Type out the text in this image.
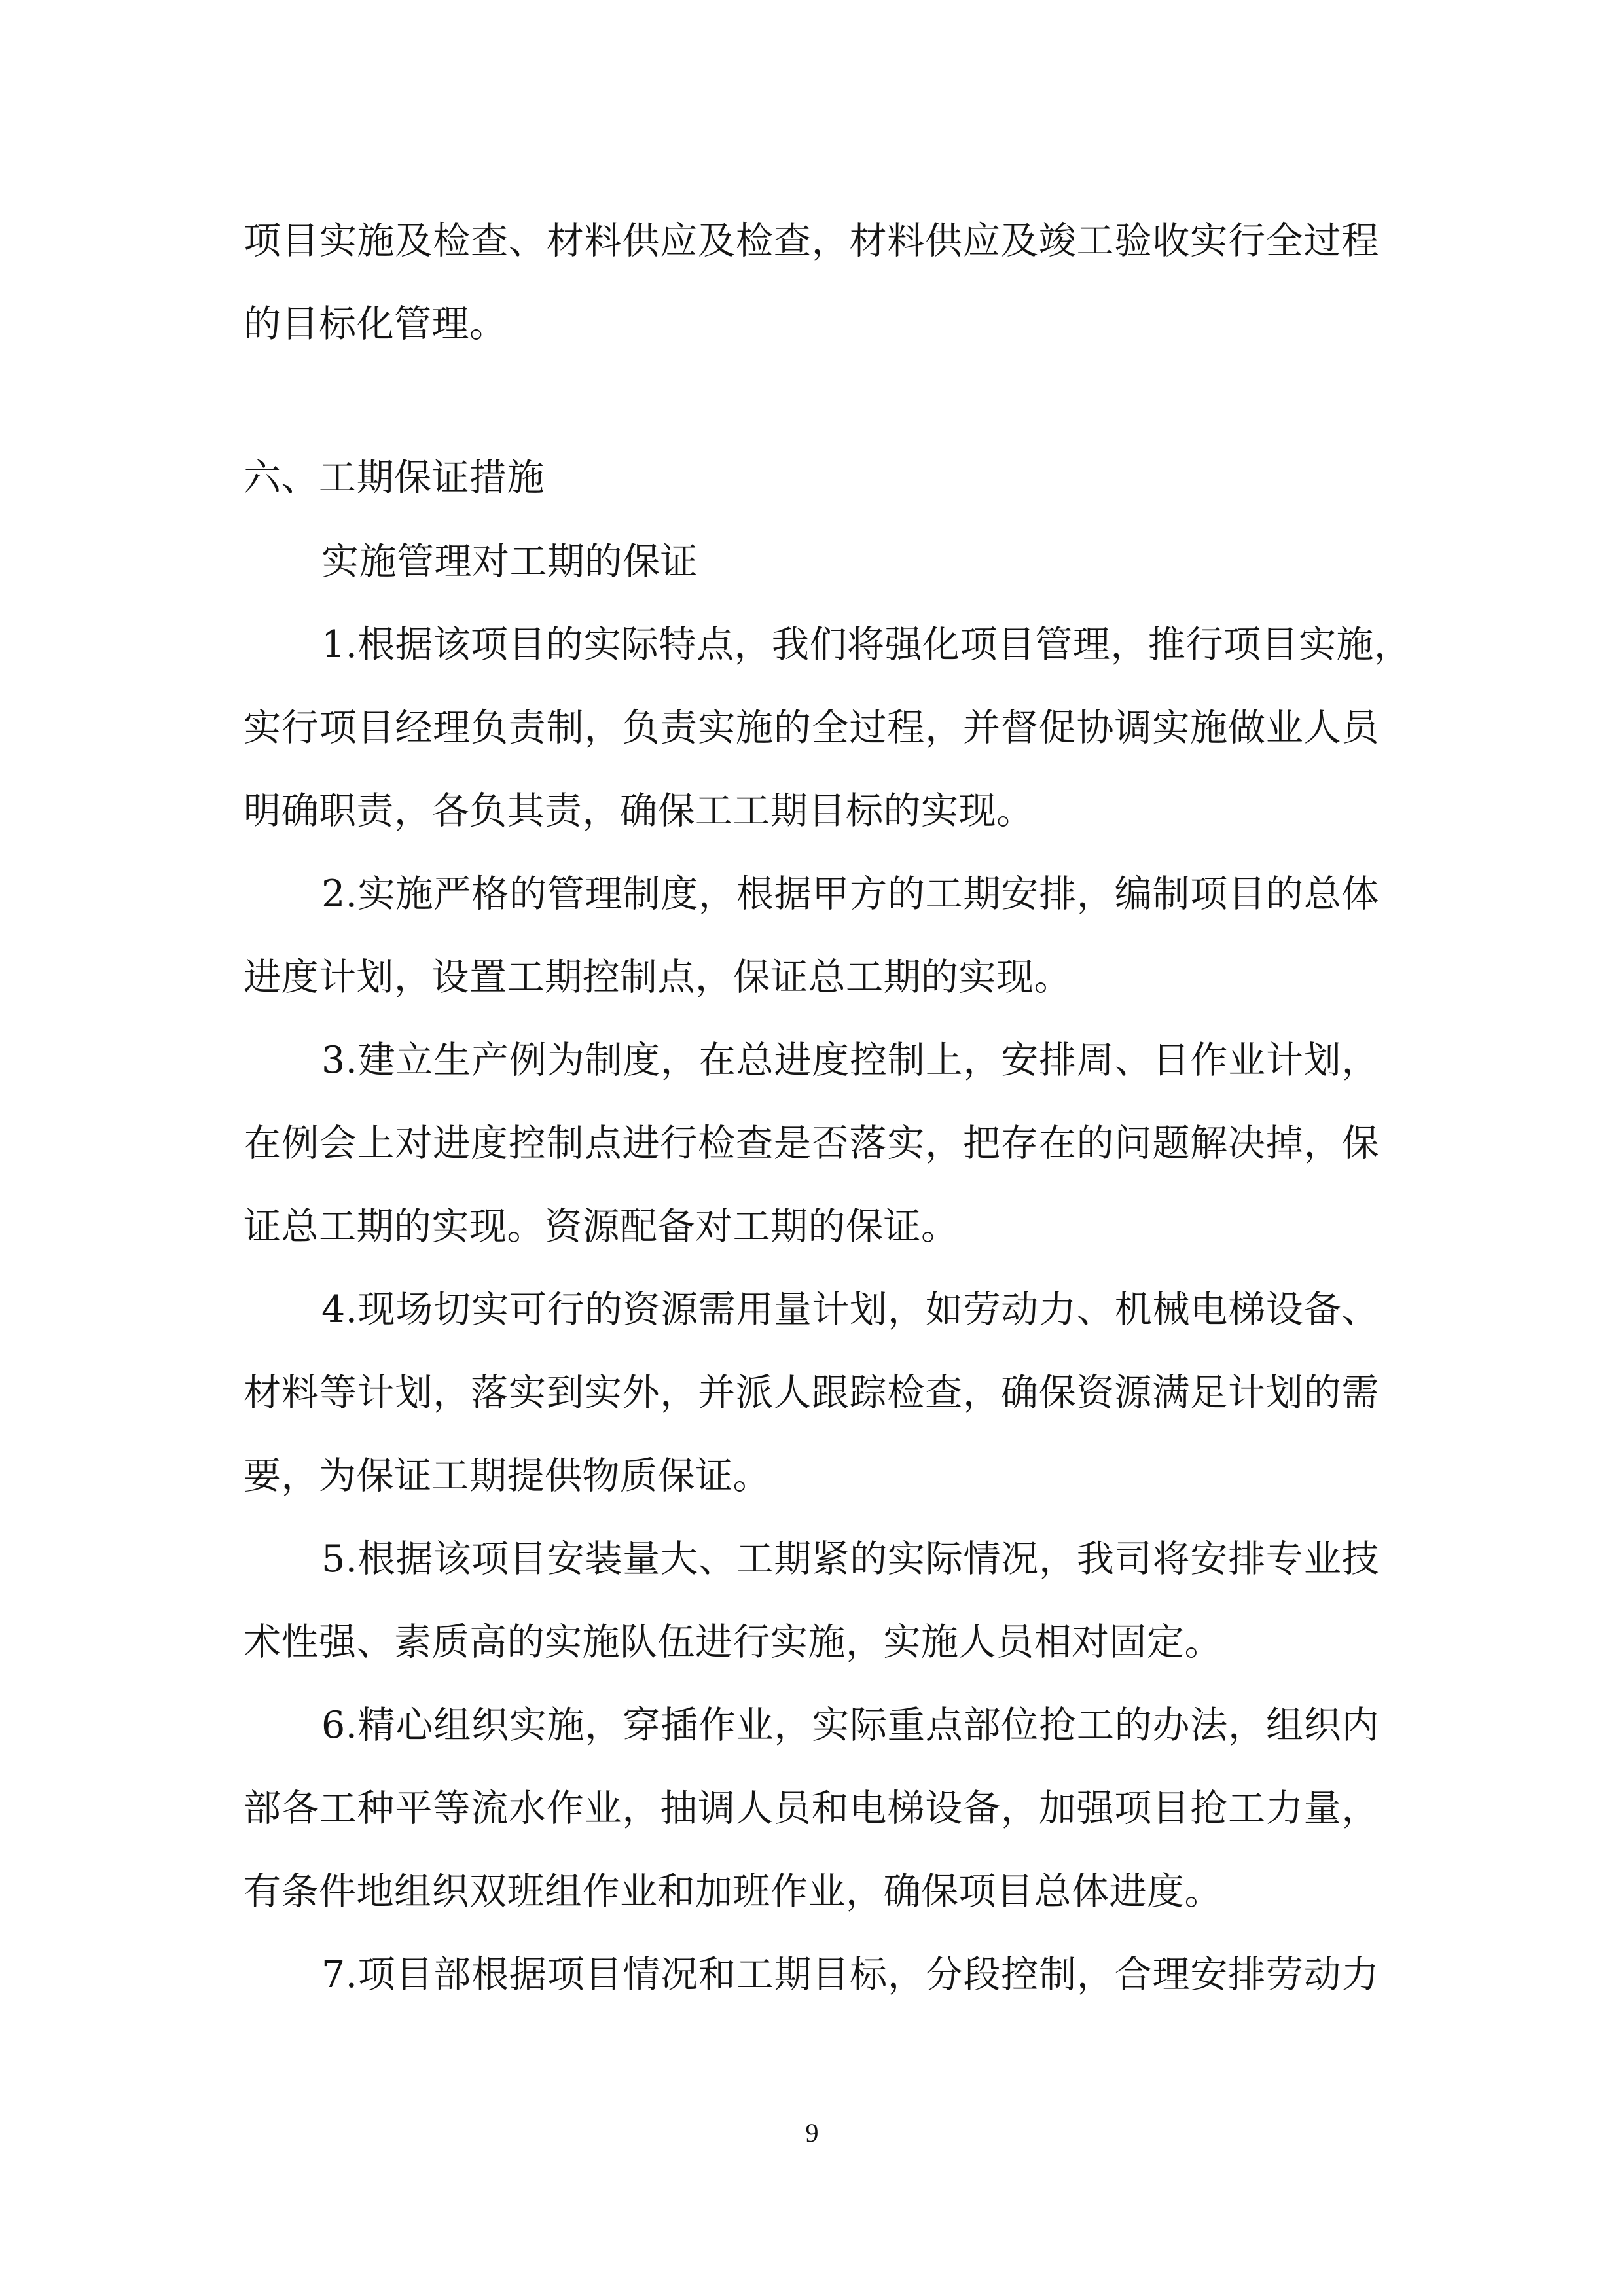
项目实施及检查、材料供应及检查，材料供应及竣工验收实行全过程
的目标化管理。
六、工期保证措施
实施管理对工期的保证
1.根据该项目的实际特点，我们将强化项目管理，推行项目实施，
实行项目经理负责制，负责实施的全过程，并督促协调实施做业人员
明确职责，各负其责，确保工工期目标的实现。
2.实施严格的管理制度，根据甲方的工期安排，编制项目的总体
进度计划，设置工期控制点，保证总工期的实现。
3.建立生产例为制度，在总进度控制上，安排周、日作业计划，
在例会上对进度控制点进行检查是否落实，把存在的问题解决掉，保
证总工期的实现。资源配备对工期的保证。
4.现场切实可行的资源需用量计划，如劳动力、机械电梯设备、
材料等计划，落实到实外，并派人跟踪检查，确保资源满足计划的需
要，为保证工期提供物质保证。
5.根据该项目安装量大、工期紧的实际情况，我司将安排专业技
术性强、素质高的实施队伍进行实施，实施人员相对固定。
6.精心组织实施，穿插作业，实际重点部位抢工的办法，组织内
部各工种平等流水作业，抽调人员和电梯设备，加强项目抢工力量，
有条件地组织双班组作业和加班作业，确保项目总体进度。
7.项目部根据项目情况和工期目标，分段控制，合理安排劳动力
9
